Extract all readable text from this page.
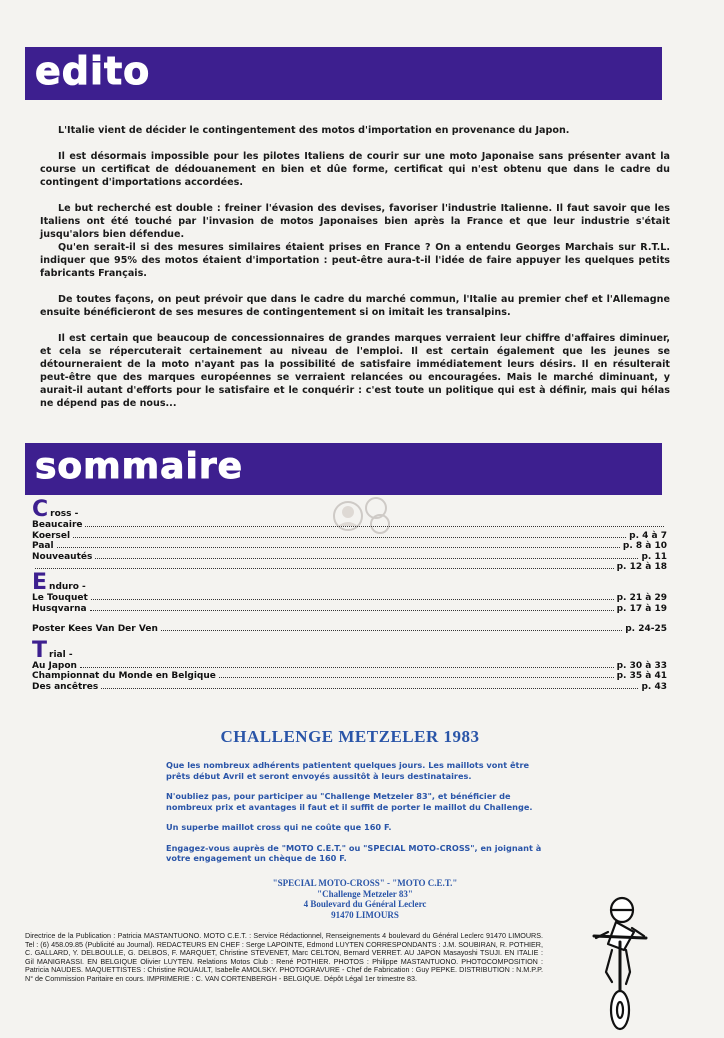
edito

L'Italie vient de décider le contingentement des motos d'importation en provenance du Japon.

Il est désormais impossible pour les pilotes Italiens de courir sur une moto Japonaise sans présenter avant la course un certificat de dédouanement en bien et dûe forme, certificat qui n'est obtenu que dans le cadre du contingent d'importations accordées.

Le but recherché est double : freiner l'évasion des devises, favoriser l'industrie Italienne. Il faut savoir que les Italiens ont été touché par l'invasion de motos Japonaises bien après la France et que leur industrie s'était jusqu'alors bien défendue.

Qu'en serait-il si des mesures similaires étaient prises en France ? On a entendu Georges Marchais sur R.T.L. indiquer que 95% des motos étaient d'importation : peut-être aura-t-il l'idée de faire appuyer les quelques petits fabricants Français.

De toutes façons, on peut prévoir que dans le cadre du marché commun, l'Italie au premier chef et l'Allemagne ensuite bénéficieront de ses mesures de contingentement si on imitait les transalpins.

Il est certain que beaucoup de concessionnaires de grandes marques verraient leur chiffre d'affaires diminuer, et cela se répercuterait certainement au niveau de l'emploi. Il est certain également que les jeunes se détourneraient de la moto n'ayant pas la possibilité de satisfaire immédiatement leurs désirs. Il en résulterait peut-être que des marques européennes se verraient relancées ou encouragées. Mais le marché diminuant, y aurait-il autant d'efforts pour le satisfaire et le conquérir : c'est toute un politique qui est à définir, mais qui hélas ne dépend pas de nous...

sommaire
C ross -
Beaucaire
Koersel	p. 4 à 7
Paal	p. 8 à 10
Nouveautés	p. 11
p. 12 à 18
E nduro -
Le Touquet	p. 21 à 29
Husqvarna	p. 17 à 19
Poster Kees Van Der Ven	p. 24-25
T rial -
Au Japon	p. 30 à 33
Championnat du Monde en Belgique	p. 35 à 41
Des ancêtres	p. 43
CHALLENGE METZELER 1983

Que les nombreux adhérents patientent quelques jours. Les maillots vont être prêts début Avril et seront envoyés aussitôt à leurs destinataires.

N'oubliez pas, pour participer au "Challenge Metzeler 83", et bénéficier de nombreux prix et avantages il faut et il suffit de porter le maillot du Challenge.

Un superbe maillot cross qui ne coûte que 160 F.

Engagez-vous auprès de "MOTO C.E.T." ou "SPECIAL MOTO-CROSS", en joignant à votre engagement un chèque de 160 F.

"SPECIAL MOTO-CROSS" - "MOTO C.E.T."
"Challenge Metzeler 83"
4 Boulevard du Général Leclerc
91470 LIMOURS
Directrice de la Publication : Patricia MASTANTUONO. MOTO C.E.T. : Service Rédactionnel, Renseignements 4 boulevard du Général Leclerc 91470 LIMOURS. Tel : (6) 458.09.85 (Publicité au Journal). REDACTEURS EN CHEF : Serge LAPOINTE, Edmond LUYTEN CORRESPONDANTS : J.M. SOUBIRAN, R. POTHIER, C. GALLARD, Y. DELBOULLE, G. DELBOS, F. MARQUET, Christine STEVENET, Marc CELTON, Bernard VERRET. AU JAPON Masayoshi TSUJI. EN ITALIE : Gil MANIGRASSI. EN BELGIQUE Olivier LUYTEN. Relations Motos Club : René POTHIER. PHOTOS : Philippe MASTANTUONO. PHOTOCOMPOSITION : Patricia NAUDES. MAQUETTISTES : Christine ROUAULT, Isabelle AMOLSKY. PHOTOGRAVURE - Chef de Fabrication : Guy PEPKE. DISTRIBUTION : N.M.P.P. N° de Commission Paritaire en cours. IMPRIMERIE : C. VAN CORTENBERGH - BELGIQUE. Dépôt Légal 1er trimestre 83.
